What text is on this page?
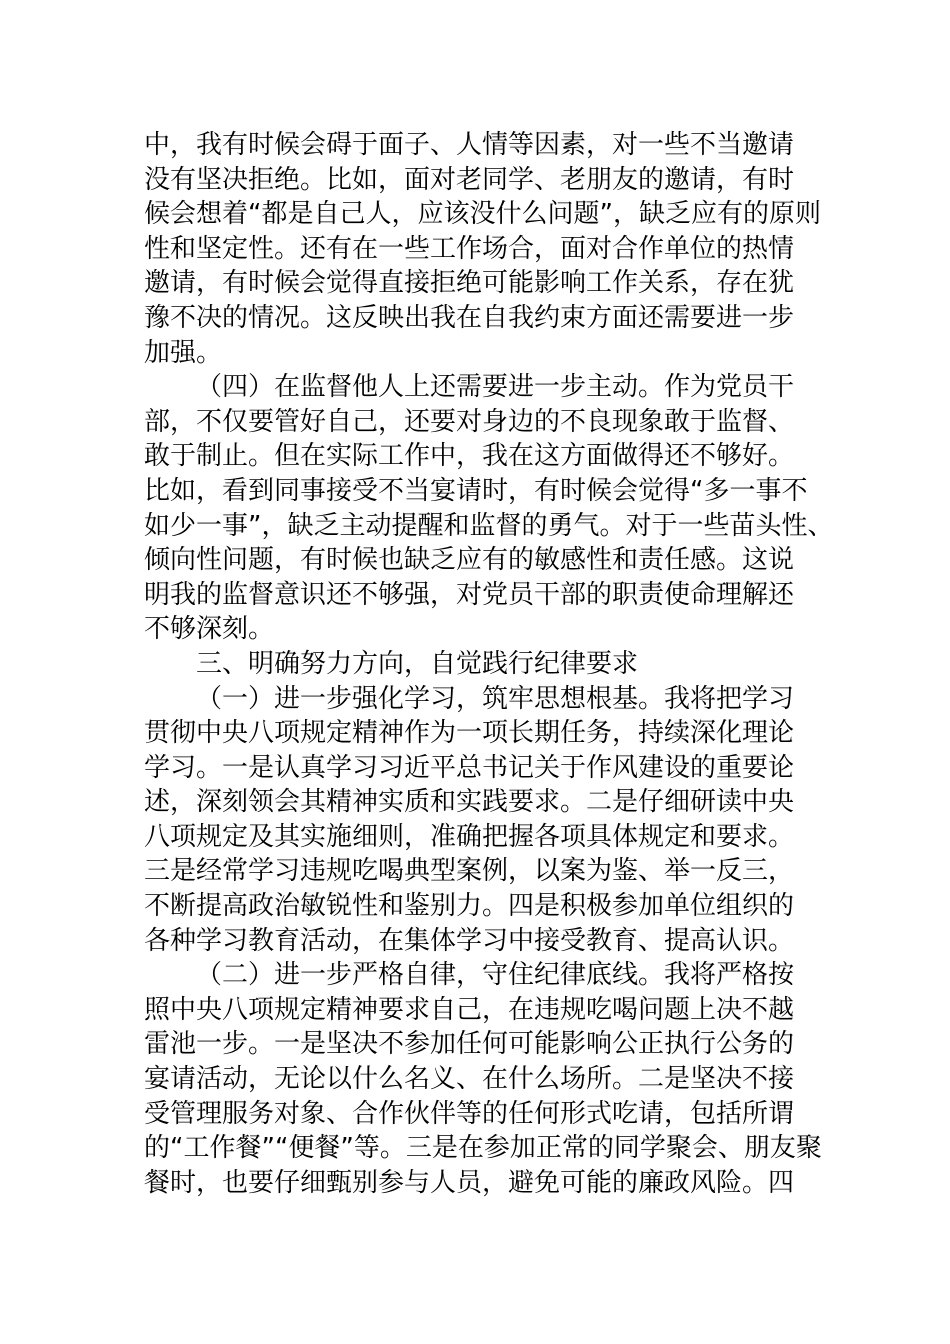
中，我有时候会碍于面子、人情等因素，对一些不当邀请
没有坚决拒绝。比如，面对老同学、老朋友的邀请，有时
候会想着“都是自己人，应该没什么问题”，缺乏应有的原则
性和坚定性。还有在一些工作场合，面对合作单位的热情
邀请，有时候会觉得直接拒绝可能影响工作关系，存在犹
豫不决的情况。这反映出我在自我约束方面还需要进一步
加强。
（四）在监督他人上还需要进一步主动。作为党员干
部，不仅要管好自己，还要对身边的不良现象敢于监督、
敢于制止。但在实际工作中，我在这方面做得还不够好。
比如，看到同事接受不当宴请时，有时候会觉得“多一事不
如少一事”，缺乏主动提醒和监督的勇气。对于一些苗头性、
倾向性问题，有时候也缺乏应有的敏感性和责任感。这说
明我的监督意识还不够强，对党员干部的职责使命理解还
不够深刻。
三、明确努力方向，自觉践行纪律要求
（一）进一步强化学习，筑牢思想根基。我将把学习
贯彻中央八项规定精神作为一项长期任务，持续深化理论
学习。一是认真学习习近平总书记关于作风建设的重要论
述，深刻领会其精神实质和实践要求。二是仔细研读中央
八项规定及其实施细则，准确把握各项具体规定和要求。
三是经常学习违规吃喝典型案例，以案为鉴、举一反三，
不断提高政治敏锐性和鉴别力。四是积极参加单位组织的
各种学习教育活动，在集体学习中接受教育、提高认识。
（二）进一步严格自律，守住纪律底线。我将严格按
照中央八项规定精神要求自己，在违规吃喝问题上决不越
雷池一步。一是坚决不参加任何可能影响公正执行公务的
宴请活动，无论以什么名义、在什么场所。二是坚决不接
受管理服务对象、合作伙伴等的任何形式吃请，包括所谓
的“工作餐”“便餐”等。三是在参加正常的同学聚会、朋友聚
餐时，也要仔细甄别参与人员，避免可能的廉政风险。四
